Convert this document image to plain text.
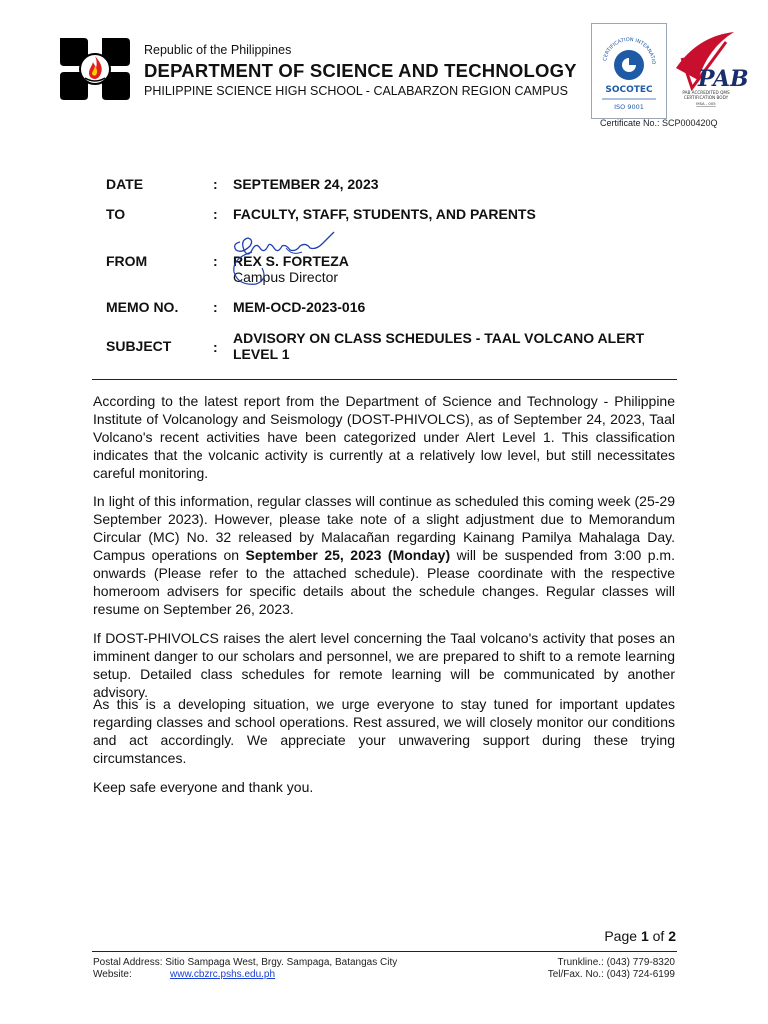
Republic of the Philippines
DEPARTMENT OF SCIENCE AND TECHNOLOGY
PHILIPPINE SCIENCE HIGH SCHOOL - CALABARZON REGION CAMPUS
CERTIFICATION INTERNATIO
SOCOTEC
ISO 9001
PAB
PAB ACCREDITED QMS
CERTIFICATION BODY
MSA - 005
Certificate No.: SCP000420Q
DATE	: SEPTEMBER 24, 2023
TO	: FACULTY, STAFF, STUDENTS, AND PARENTS
FROM	: REX S. FORTEZA
Campus Director
MEMO NO. : MEM-OCD-2023-016
SUBJECT	:
ADVISORY ON CLASS SCHEDULES - TAAL VOLCANO ALERT
LEVEL 1

According to the latest report from the Department of Science and Technology - Philippine Institute of Volcanology and Seismology (DOST-PHIVOLCS), as of September 24, 2023, Taal Volcano's recent activities have been categorized under Alert Level 1. This classification indicates that the volcanic activity is currently at a relatively low level, but still necessitates careful monitoring.

In light of this information, regular classes will continue as scheduled this coming week (25-29 September 2023). However, please take note of a slight adjustment due to Memorandum Circular (MC) No. 32 released by Malacañan regarding Kainang Pamilya Mahalaga Day. Campus operations on September 25, 2023 (Monday) will be suspended from 3:00 p.m. onwards (Please refer to the attached schedule). Please coordinate with the respective homeroom advisers for specific details about the schedule changes. Regular classes will resume on September 26, 2023.

If DOST-PHIVOLCS raises the alert level concerning the Taal volcano's activity that poses an imminent danger to our scholars and personnel, we are prepared to shift to a remote learning setup. Detailed class schedules for remote learning will be communicated by another advisory.

As this is a developing situation, we urge everyone to stay tuned for important updates regarding classes and school operations. Rest assured, we will closely monitor our conditions and act accordingly. We appreciate your unwavering support during these trying circumstances.

Keep safe everyone and thank you.

Page 1 of 2
Postal Address: Sitio Sampaga West, Brgy. Sampaga, Batangas City
Website:	www.cbzrc.pshs.edu.ph
Trunkline.: (043) 779-8320
Tel/Fax. No.: (043) 724-6199
